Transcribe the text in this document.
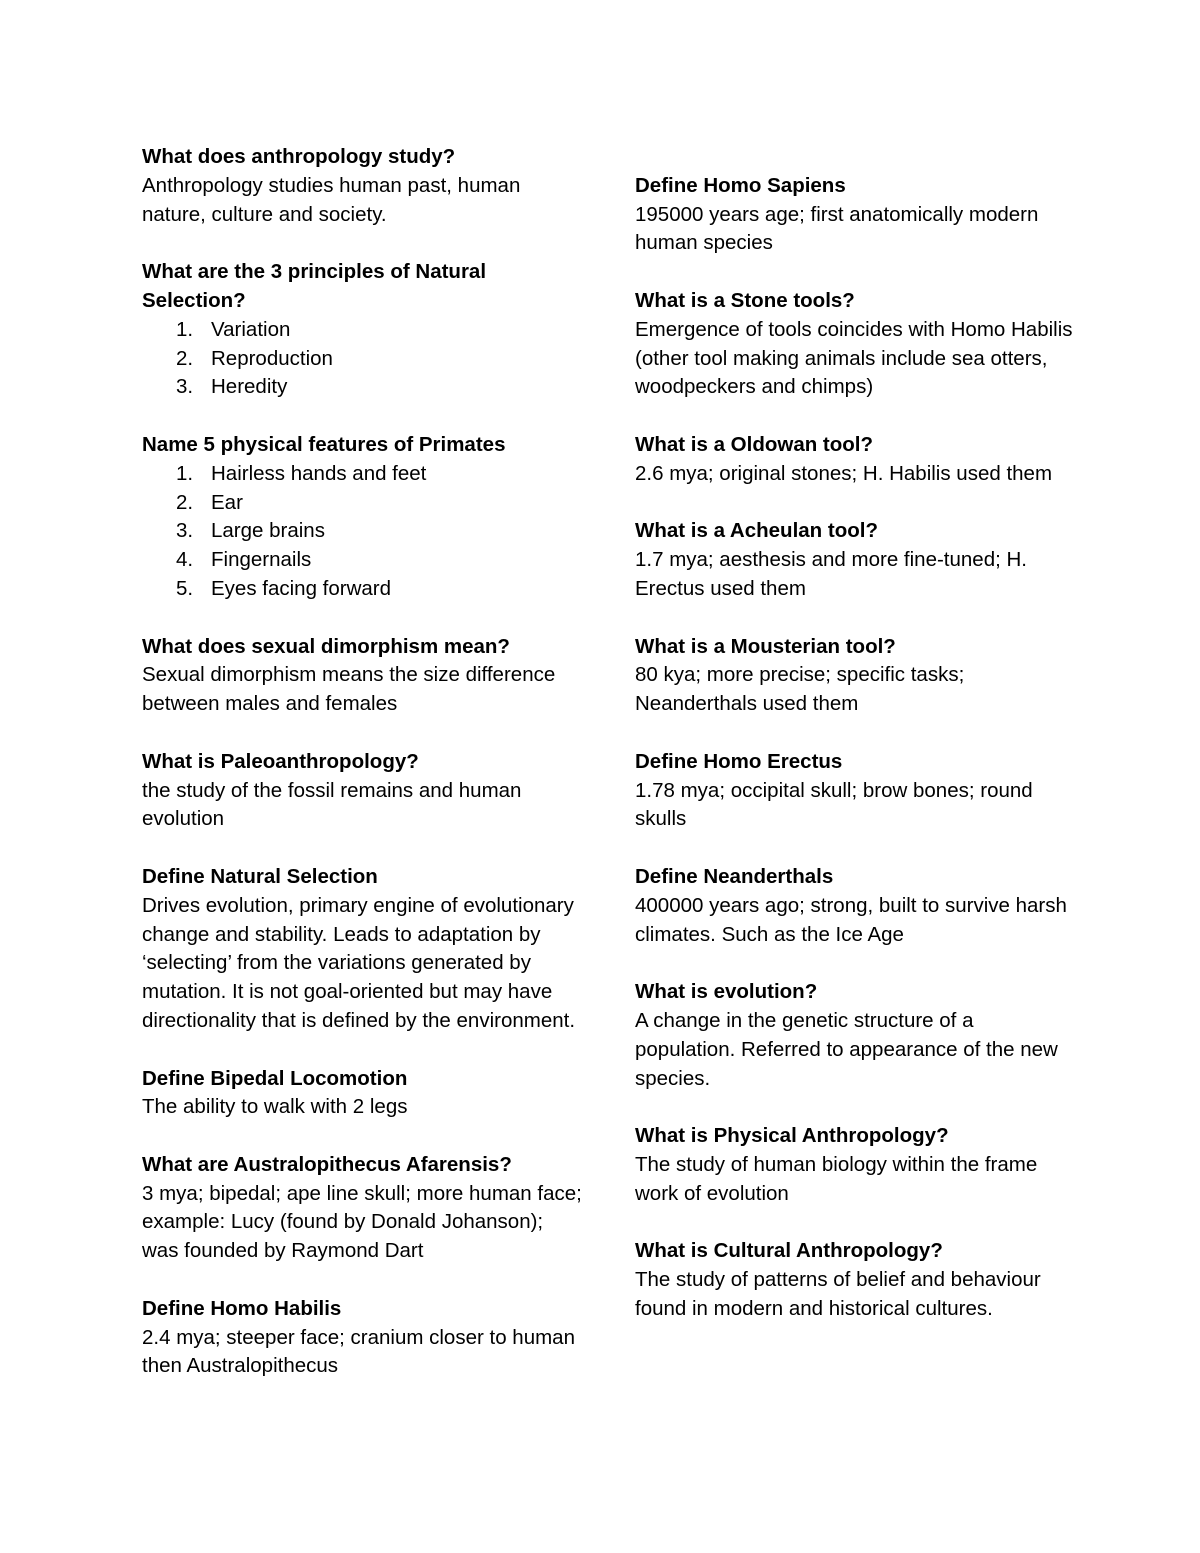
What does anthropology study?

Anthropology studies human past, human nature, culture and society.

What are the 3 principles of Natural Selection?

1. Variation
2. Reproduction
3. Heredity

Name 5 physical features of Primates

1. Hairless hands and feet
2. Ear
3. Large brains
4. Fingernails
5. Eyes facing forward

What does sexual dimorphism mean?

Sexual dimorphism means the size difference between males and females

What is Paleoanthropology?

the study of the fossil remains and human evolution

Define Natural Selection

Drives evolution, primary engine of evolutionary change and stability. Leads to adaptation by ‘selecting’ from the variations generated by mutation. It is not goal-oriented but may have directionality that is defined by the environment.

Define Bipedal Locomotion

The ability to walk with 2 legs

What are Australopithecus Afarensis?

3 mya; bipedal; ape line skull; more human face; example: Lucy (found by Donald Johanson); was founded by Raymond Dart

Define Homo Habilis

2.4 mya; steeper face; cranium closer to human then Australopithecus

Define Homo Sapiens

195000 years age; first anatomically modern human species

What is a Stone tools?

Emergence of tools coincides with Homo Habilis (other tool making animals include sea otters, woodpeckers and chimps)

What is a Oldowan tool?

2.6 mya; original stones; H. Habilis used them

What is a Acheulan tool?

1.7 mya; aesthesis and more fine-tuned; H. Erectus used them

What is a Mousterian tool?

80 kya; more precise; specific tasks; Neanderthals used them

Define Homo Erectus

1.78 mya; occipital skull; brow bones; round skulls

Define Neanderthals

400000 years ago; strong, built to survive harsh climates. Such as the Ice Age

What is evolution?

A change in the genetic structure of a population. Referred to appearance of the new species.

What is Physical Anthropology?

The study of human biology within the frame work of evolution

What is Cultural Anthropology?

The study of patterns of belief and behaviour found in modern and historical cultures.
